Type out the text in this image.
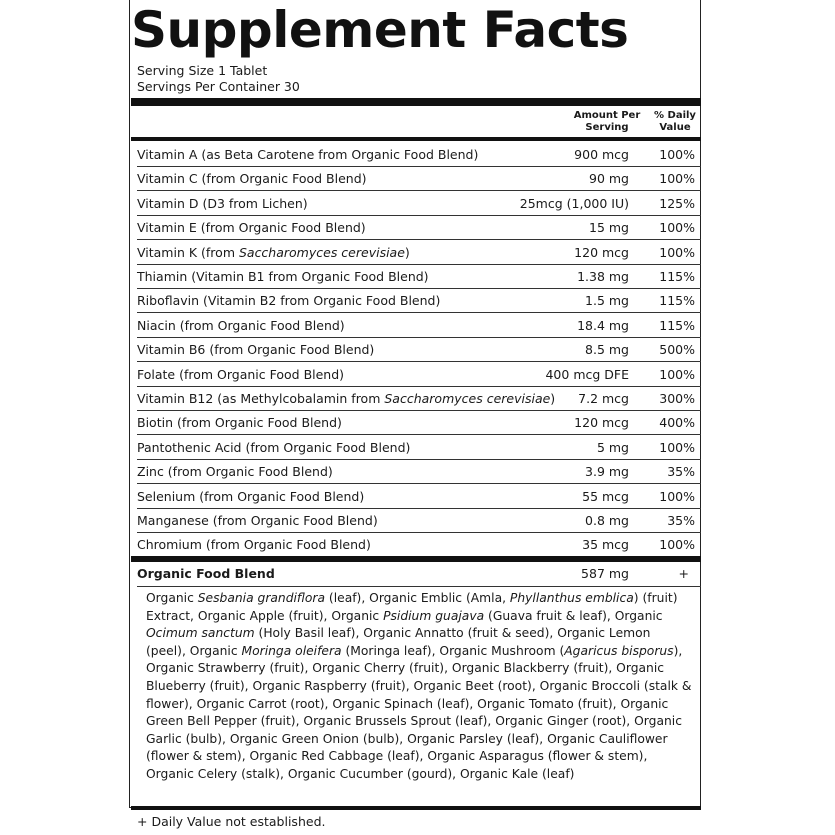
Supplement Facts
Serving Size 1 Tablet
Servings Per Container 30
Amount Per
Serving
% Daily
Value
Vitamin A (as Beta Carotene from Organic Food Blend)	900 mcg 100%
Vitamin C (from Organic Food Blend)	90 mg 100%
Vitamin D (D3 from Lichen)	25mcg (1,000 IU) 125%
Vitamin E (from Organic Food Blend)	15 mg 100%
Vitamin K (from Saccharomyces cerevisiae)	120 mcg 100%
Thiamin (Vitamin B1 from Organic Food Blend)	1.38 mg 115%
Riboflavin (Vitamin B2 from Organic Food Blend)	1.5 mg 115%
Niacin (from Organic Food Blend)	18.4 mg 115%
Vitamin B6 (from Organic Food Blend)	8.5 mg 500%
Folate (from Organic Food Blend)	400 mcg DFE 100%
Vitamin B12 (as Methylcobalamin from Saccharomyces cerevisiae) 7.2 mcg 300%
Biotin (from Organic Food Blend)	120 mcg 400%
Pantothenic Acid (from Organic Food Blend)	5 mg 100%
Zinc (from Organic Food Blend)	3.9 mg	35%
Selenium (from Organic Food Blend)	55 mcg 100%
Manganese (from Organic Food Blend)	0.8 mg	35%
Chromium (from Organic Food Blend)	35 mcg 100%
Organic Food Blend	587 mg	+
Organic Sesbania grandiflora (leaf), Organic Emblic (Amla, Phyllanthus emblica) (fruit) Extract, Organic Apple (fruit), Organic Psidium guajava (Guava fruit & leaf), Organic Ocimum sanctum (Holy Basil leaf), Organic Annatto (fruit & seed), Organic Lemon (peel), Organic Moringa oleifera (Moringa leaf), Organic Mushroom (Agaricus bisporus), Organic Strawberry (fruit), Organic Cherry (fruit), Organic Blackberry (fruit), Organic Blueberry (fruit), Organic Raspberry (fruit), Organic Beet (root), Organic Broccoli (stalk & flower), Organic Carrot (root), Organic Spinach (leaf), Organic Tomato (fruit), Organic Green Bell Pepper (fruit), Organic Brussels Sprout (leaf), Organic Ginger (root), Organic Garlic (bulb), Organic Green Onion (bulb), Organic Parsley (leaf), Organic Cauliflower (flower & stem), Organic Red Cabbage (leaf), Organic Asparagus (flower & stem), Organic Celery (stalk), Organic Cucumber (gourd), Organic Kale (leaf)
+ Daily Value not established.
